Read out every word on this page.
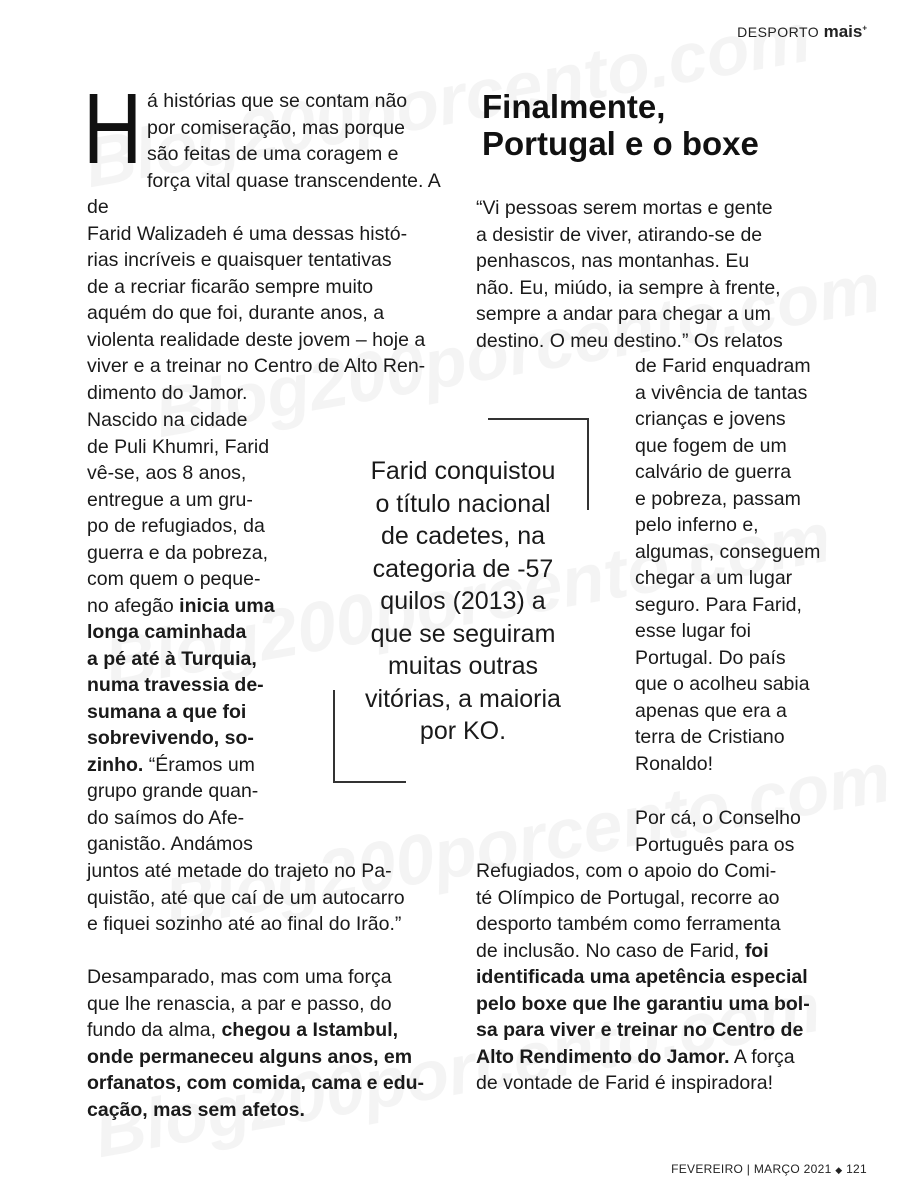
DESPORTO mais+
H á histórias que se contam não
por comiseração, mas porque
são feitas de uma coragem e
força vital quase transcendente. A de
Farid Walizadeh é uma dessas histó-
rias incríveis e quaisquer tentativas
de a recriar ficarão sempre muito
aquém do que foi, durante anos, a
violenta realidade deste jovem – hoje a
viver e a treinar no Centro de Alto Ren-
dimento do Jamor.
Nascido na cidade
de Puli Khumri, Farid
vê-se, aos 8 anos,
entregue a um gru-
po de refugiados, da
guerra e da pobreza,
com quem o peque-
no afegão inicia uma
longa caminhada
a pé até à Turquia,
numa travessia de-
sumana a que foi
sobrevivendo, so-
zinho. “Éramos um
grupo grande quan-
do saímos do Afe-
ganistão. Andámos
juntos até metade do trajeto no Pa-
quistão, até que caí de um autocarro
e fiquei sozinho até ao final do Irão.”
Desamparado, mas com uma força
que lhe renascia, a par e passo, do
fundo da alma, chegou a Istambul,
onde permaneceu alguns anos, em
orfanatos, com comida, cama e edu-
cação, mas sem afetos.
Finalmente,
Portugal e o boxe
“Vi pessoas serem mortas e gente
a desistir de viver, atirando-se de
penhascos, nas montanhas. Eu
não. Eu, miúdo, ia sempre à frente,
sempre a andar para chegar a um
destino. O meu destino.” Os relatos
de Farid enquadram
a vivência de tantas
crianças e jovens
que fogem de um
calvário de guerra
e pobreza, passam
pelo inferno e,
algumas, conseguem
chegar a um lugar
seguro. Para Farid,
esse lugar foi
Portugal. Do país
que o acolheu sabia
apenas que era a
terra de Cristiano
Ronaldo!
Por cá, o Conselho
Português para os
Refugiados, com o apoio do Comi-
té Olímpico de Portugal, recorre ao
desporto também como ferramenta
de inclusão. No caso de Farid, foi
identificada uma apetência especial
pelo boxe que lhe garantiu uma bol-
sa para viver e treinar no Centro de
Alto Rendimento do Jamor. A força
de vontade de Farid é inspiradora!
Farid conquistou
o título nacional
de cadetes, na
categoria de -57
quilos (2013) a
que se seguiram
muitas outras
vitórias, a maioria
por KO.
FEVEREIRO | MARÇO 2021 ◆ 121
